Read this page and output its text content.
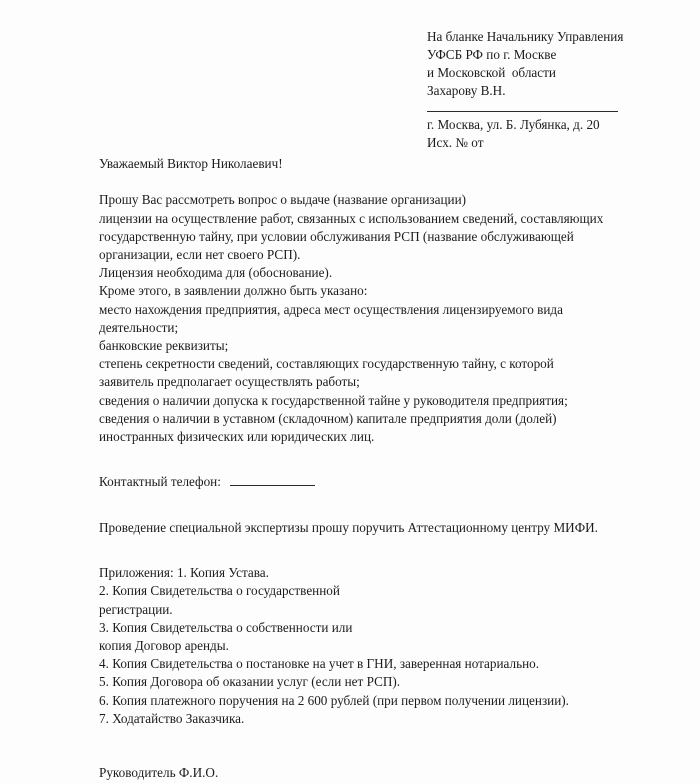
На бланке Начальнику Управления
УФСБ РФ по г. Москве
и Московской  области
Захарову В.Н.
г. Москва, ул. Б. Лубянка, д. 20
Исх. № от
Уважаемый Виктор Николаевич!
Прошу Вас рассмотреть вопрос о выдаче (название организации)
лицензии на осуществление работ, связанных с использованием сведений, составляющих
государственную тайну, при условии обслуживания РСП (название обслуживающей
организации, если нет своего РСП).
Лицензия необходима для (обоснование).
Кроме этого, в заявлении должно быть указано:
место нахождения предприятия, адреса мест осуществления лицензируемого вида
деятельности;
банковские реквизиты;
степень секретности сведений, составляющих государственную тайну, с которой
заявитель предполагает осуществлять работы;
сведения о наличии допуска к государственной тайне у руководителя предприятия;
сведения о наличии в уставном (складочном) капитале предприятия доли (долей)
иностранных физических или юридических лиц.
Контактный телефон:
Проведение специальной экспертизы прошу поручить Аттестационному центру МИФИ.
Приложения: 1. Копия Устава.
2. Копия Свидетельства о государственной
регистрации.
3. Копия Свидетельства о собственности или
копия Договор аренды.
4. Копия Свидетельства о постановке на учет в ГНИ, заверенная нотариально.
5. Копия Договора об оказании услуг (если нет РСП).
6. Копия платежного поручения на 2 600 рублей (при первом получении лицензии).
7. Ходатайство Заказчика.
Руководитель Ф.И.О.
